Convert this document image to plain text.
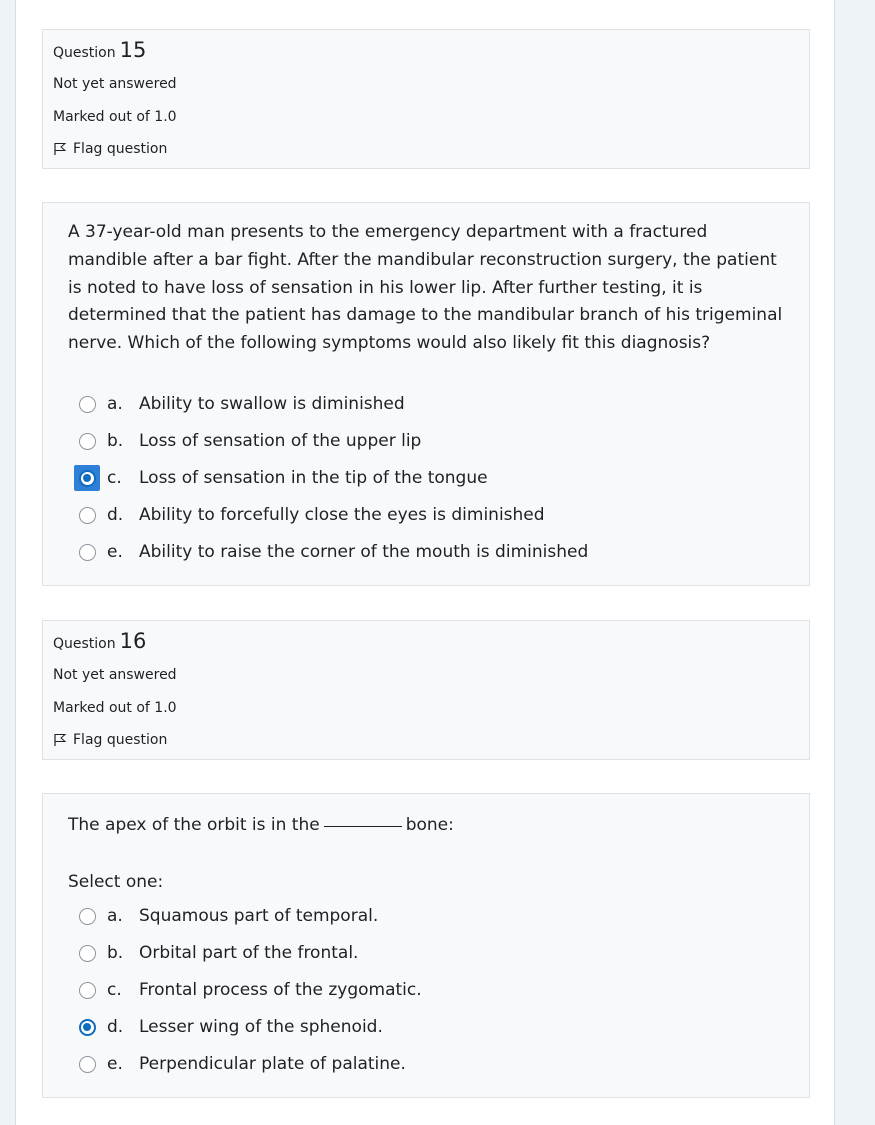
Question 15
Not yet answered
Marked out of 1.0
Flag question
A 37-year-old man presents to the emergency department with a fractured mandible after a bar fight. After the mandibular reconstruction surgery, the patient is noted to have loss of sensation in his lower lip. After further testing, it is determined that the patient has damage to the mandibular branch of his trigeminal nerve. Which of the following symptoms would also likely fit this diagnosis?
a. Ability to swallow is diminished
b. Loss of sensation of the upper lip
c.	Loss of sensation in the tip of the tongue
d. Ability to forcefully close the eyes is diminished
e. Ability to raise the corner of the mouth is diminished
Question 16
Not yet answered
Marked out of 1.0
Flag question
The apex of the orbit is in the	bone:
Select one:
a. Squamous part of temporal.
b. Orbital part of the frontal.
c.	Frontal process of the zygomatic.
d. Lesser wing of the sphenoid.
e. Perpendicular plate of palatine.
